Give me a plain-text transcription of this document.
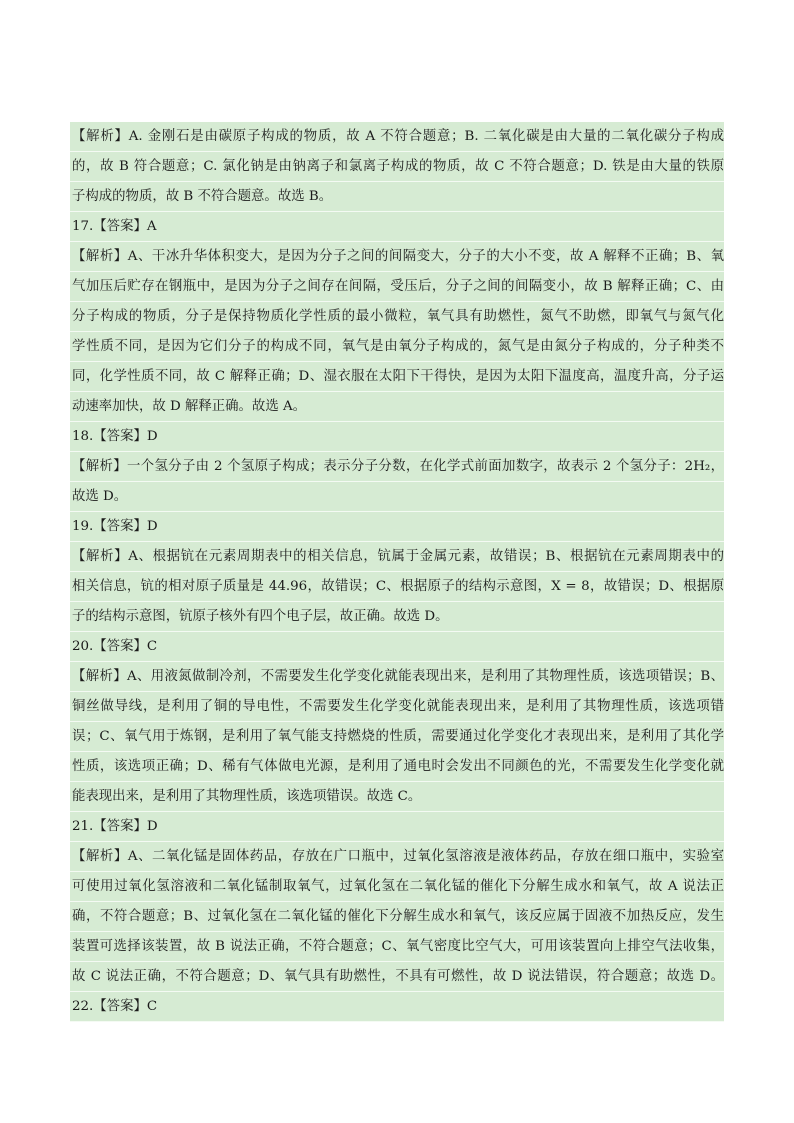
【解析】A. 金刚石是由碳原子构成的物质，故 A 不符合题意；B. 二氧化碳是由大量的二氧化碳分子构成
的，故 B 符合题意；C. 氯化钠是由钠离子和氯离子构成的物质，故 C 不符合题意；D. 铁是由大量的铁原
子构成的物质，故 B 不符合题意。故选 B。
17.【答案】A
【解析】A、干冰升华体积变大，是因为分子之间的间隔变大，分子的大小不变，故 A 解释不正确；B、氧
气加压后贮存在钢瓶中，是因为分子之间存在间隔，受压后，分子之间的间隔变小，故 B 解释正确；C、由
分子构成的物质，分子是保持物质化学性质的最小微粒，氧气具有助燃性，氮气不助燃，即氧气与氮气化
学性质不同，是因为它们分子的构成不同，氧气是由氧分子构成的，氮气是由氮分子构成的，分子种类不
同，化学性质不同，故 C 解释正确；D、湿衣服在太阳下干得快，是因为太阳下温度高，温度升高，分子运
动速率加快，故 D 解释正确。故选 A。
18.【答案】D
【解析】一个氢分子由 2 个氢原子构成；表示分子分数，在化学式前面加数字，故表示 2 个氢分子：2H₂，
故选 D。
19.【答案】D
【解析】A、根据钪在元素周期表中的相关信息，钪属于金属元素，故错误；B、根据钪在元素周期表中的
相关信息，钪的相对原子质量是 44.96，故错误；C、根据原子的结构示意图，X = 8，故错误；D、根据原
子的结构示意图，钪原子核外有四个电子层，故正确。故选 D。
20.【答案】C
【解析】A、用液氮做制冷剂，不需要发生化学变化就能表现出来，是利用了其物理性质，该选项错误；B、
铜丝做导线，是利用了铜的导电性，不需要发生化学变化就能表现出来，是利用了其物理性质，该选项错
误；C、氧气用于炼钢，是利用了氧气能支持燃烧的性质，需要通过化学变化才表现出来，是利用了其化学
性质，该选项正确；D、稀有气体做电光源，是利用了通电时会发出不同颜色的光，不需要发生化学变化就
能表现出来，是利用了其物理性质，该选项错误。故选 C。
21.【答案】D
【解析】A、二氧化锰是固体药品，存放在广口瓶中，过氧化氢溶液是液体药品，存放在细口瓶中，实验室
可使用过氧化氢溶液和二氧化锰制取氧气，过氧化氢在二氧化锰的催化下分解生成水和氧气，故 A 说法正
确，不符合题意；B、过氧化氢在二氧化锰的催化下分解生成水和氧气，该反应属于固液不加热反应，发生
装置可选择该装置，故 B 说法正确，不符合题意；C、氧气密度比空气大，可用该装置向上排空气法收集，
故 C 说法正确，不符合题意；D、氧气具有助燃性，不具有可燃性，故 D 说法错误，符合题意；故选 D。
22.【答案】C
